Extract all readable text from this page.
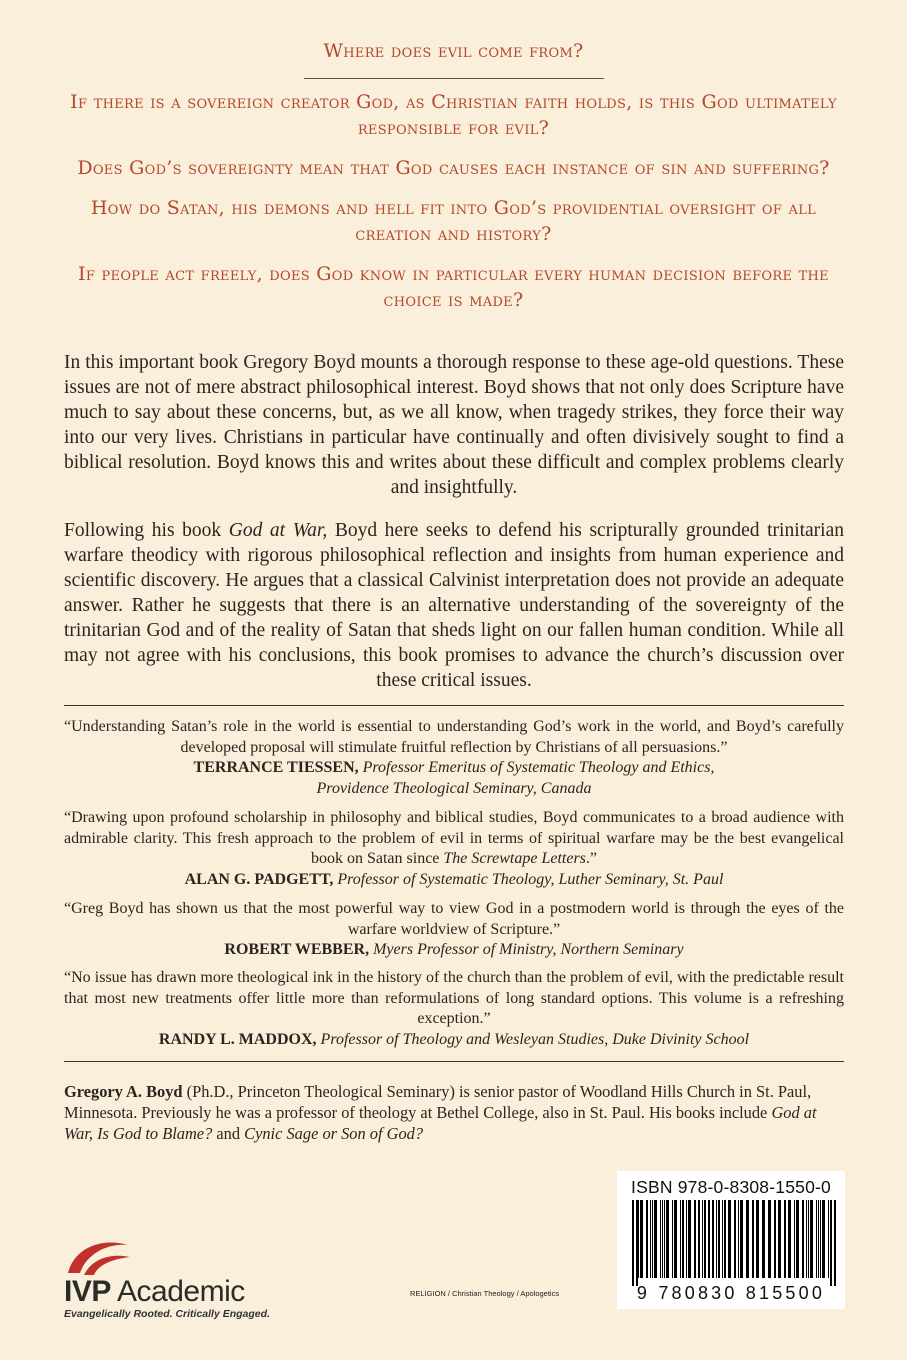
Where does evil come from?

If there is a sovereign creator God, as Christian faith holds, is this God ultimately responsible for evil?

Does God’s sovereignty mean that God causes each instance of sin and suffering?

How do Satan, his demons and hell fit into God’s providential oversight of all creation and history?

If people act freely, does God know in particular every human decision before the choice is made?

In this important book Gregory Boyd mounts a thorough response to these age-old questions. These issues are not of mere abstract philosophical interest. Boyd shows that not only does Scripture have much to say about these concerns, but, as we all know, when tragedy strikes, they force their way into our very lives. Christians in particular have continually and often divisively sought to find a biblical resolution. Boyd knows this and writes about these difficult and complex problems clearly and insightfully.

Following his book God at War, Boyd here seeks to defend his scripturally grounded trinitarian warfare theodicy with rigorous philosophical reflection and insights from human experience and scientific discovery. He argues that a classical Calvinist interpretation does not provide an adequate answer. Rather he suggests that there is an alternative understanding of the sovereignty of the trinitarian God and of the reality of Satan that sheds light on our fallen human condition. While all may not agree with his conclusions, this book promises to advance the church’s discussion over these critical issues.

“Understanding Satan’s role in the world is essential to understanding God’s work in the world, and Boyd’s carefully developed proposal will stimulate fruitful reflection by Christians of all persuasions.”

TERRANCE TIESSEN, Professor Emeritus of Systematic Theology and Ethics,

Providence Theological Seminary, Canada

“Drawing upon profound scholarship in philosophy and biblical studies, Boyd communicates to a broad audience with admirable clarity. This fresh approach to the problem of evil in terms of spiritual warfare may be the best evangelical book on Satan since The Screwtape Letters.”

ALAN G. PADGETT, Professor of Systematic Theology, Luther Seminary, St. Paul

“Greg Boyd has shown us that the most powerful way to view God in a postmodern world is through the eyes of the warfare worldview of Scripture.”

ROBERT WEBBER, Myers Professor of Ministry, Northern Seminary

“No issue has drawn more theological ink in the history of the church than the problem of evil, with the predictable result that most new treatments offer little more than reformulations of long standard options. This volume is a refreshing exception.”

RANDY L. MADDOX, Professor of Theology and Wesleyan Studies, Duke Divinity School

Gregory A. Boyd (Ph.D., Princeton Theological Seminary) is senior pastor of Woodland Hills Church in St. Paul, Minnesota. Previously he was a professor of theology at Bethel College, also in St. Paul. His books include God at War, Is God to Blame? and Cynic Sage or Son of God?

ISBN 978-0-8308-1550-0
9 780830 815500
RELIGION / Christian Theology / Apologetics
IVP Academic
Evangelically Rooted. Critically Engaged.
